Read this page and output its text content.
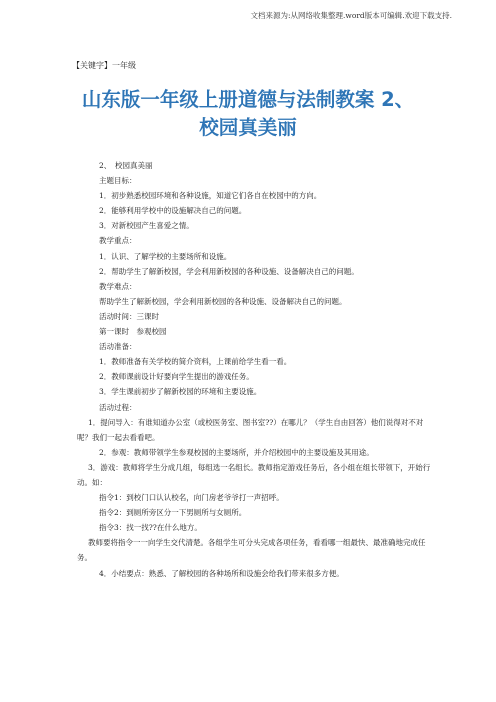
文档来源为:从网络收集整理.word版本可编辑.欢迎下载支持.
【关键字】一年级
山东版一年级上册道德与法制教案 2、
校园真美丽

2、　校园真美丽

主题目标：

1．初步熟悉校园环境和各种设施，知道它们各自在校园中的方向。

2．能够利用学校中的设施解决自己的问题。

3．对新校园产生喜爱之情。

教学重点：

1．认识、了解学校的主要场所和设施。

2．帮助学生了解新校园，学会利用新校园的各种设施、设备解决自己的问题。

教学难点：

帮助学生了解新校园，学会利用新校园的各种设施、设备解决自己的问题。

活动时间：三课时

第一课时　参观校园

活动准备：

1．教师准备有关学校的简介资料，上课前给学生看一看。

2．教师课前设计好要向学生提出的游戏任务。

3．学生课前初步了解新校园的环境和主要设施。

活动过程：

1．提问导入：有谁知道办公室（或校医务室、图书室??）在哪儿？（学生自由回答）他们说得对不对呢？我们一起去看看吧。

2．参观：教师带领学生参观校园的主要场所，并介绍校园中的主要设施及其用途。

3．游戏：教师将学生分成几组，每组选一名组长。教师指定游戏任务后，各小组在组长带领下，开始行动。如：

指令1：到校门口认认校名，向门房老爷爷打一声招呼。

指令2：到厕所旁区分一下男厕所与女厕所。

指令3：找一找??在什么地方。

教师要将指令一一向学生交代清楚。各组学生可分头完成各项任务，看看哪一组最快、最准确地完成任务。

4．小结要点：熟悉、了解校园的各种场所和设施会给我们带来很多方便。
